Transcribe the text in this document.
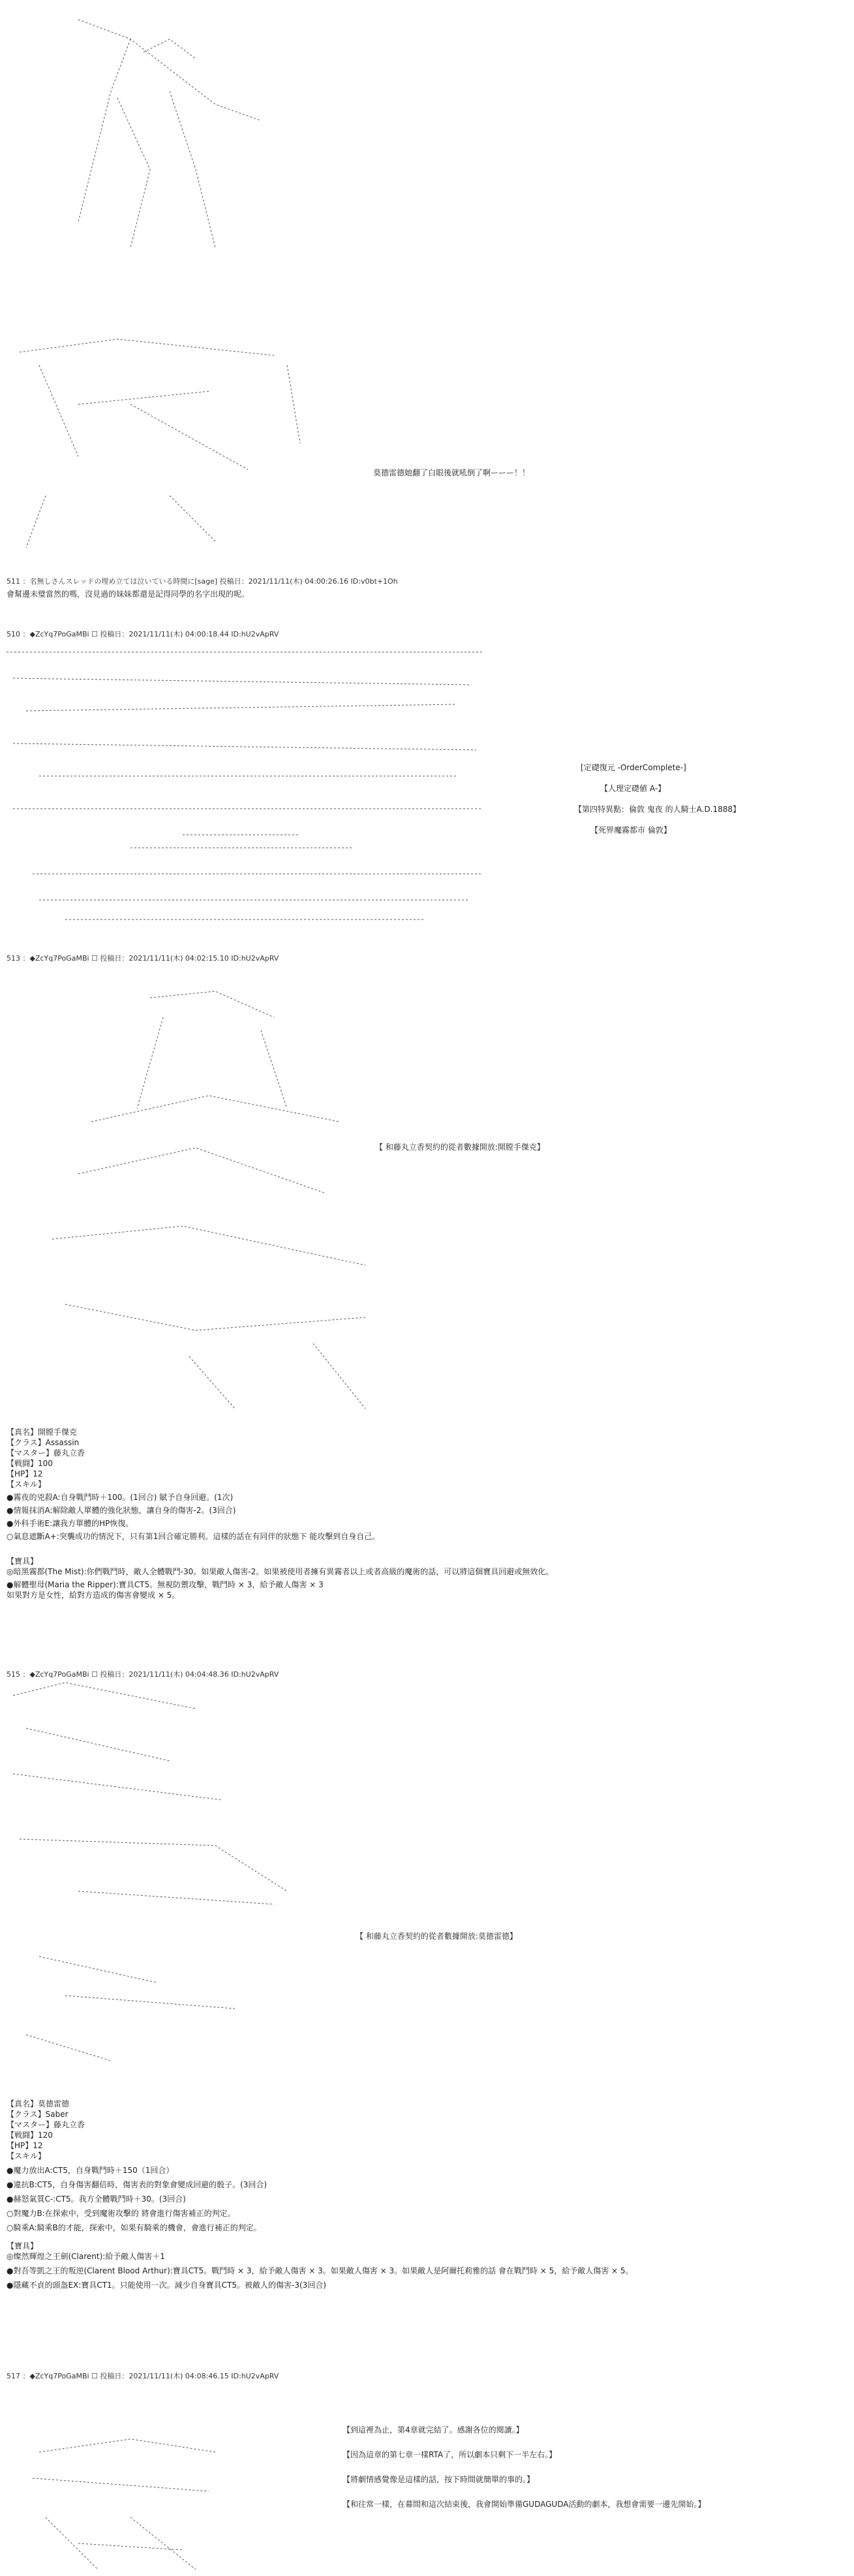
莫德雷德她翻了白眼後就吼倒了啊ーーー！！
511 ：名無しさんスレッドの埋め立ては泣いている時間に[sage] 投稿日：2021/11/11(木) 04:00:26.16 ID:v0bt+1Oh
會幫邊未璧當然的嗎，沒見過的妹妹都還是記得同學的名字出現的呢。
510 ：◆ZcYq7PoGaMBi ☐ 投稿日：2021/11/11(木) 04:00:18.44 ID:hU2vApRV
[定礎復元 -OrderComplete-]
【人理定礎値 A-】
【第四特異點：倫敦 鬼夜 的人騎士A.D.1888】
【死界魔霧都市 倫敦】
513 ：◆ZcYq7PoGaMBi ☐ 投稿日：2021/11/11(木) 04:02:15.10 ID:hU2vApRV
【 和藤丸立香契約的從者數據開放:開膛手傑克】
【真名】開膛手傑克
【クラス】Assassin
【マスター】藤丸立香
【戦闘】100
【HP】12
【スキル】
●霧夜的兇殺A:自身戰鬥時＋100。(1回合) 賦予自身回避。(1次)
●情報抹消A:解除敵人單體的強化狀態，讓自身的傷害-2。(3回合)
●外科手術E:讓我方單體的HP恢復。
○氣息遮斷A+:突襲成功的情況下，只有第1回合確定勝利。這樣的話在有同伴的狀態下 能攻擊到自身自己。
【寶具】
◎暗黑霧都(The Mist):你們戰鬥時，敵人全體戰鬥-30。如果敵人傷害-2。如果被使用者擁有異霧者以上或者高級的魔術的話，可以將這個寶具回避或無效化。
●解體聖母(Maria the Ripper):寶具CT5。無視防禦攻擊，戰鬥時 × 3，給予敵人傷害 × 3
如果對方是女性，給對方造成的傷害會變成 × 5。
515 ：◆ZcYq7PoGaMBi ☐ 投稿日：2021/11/11(木) 04:04:48.36 ID:hU2vApRV
【 和藤丸立香契約的從者數據開放:莫德雷德】
【真名】莫德雷德
【クラス】Saber
【マスター】藤丸立香
【戦闘】120
【HP】12
【スキル】
●魔力放出A:CT5，自身戰鬥時＋150（1回合）
●違抗B:CT5，自身傷害翻倍時，傷害表的對象會變成回避的骰子。(3回合)
●赫怒氣質C-:CT5。我方全體戰鬥時＋30。(3回合)
○對魔力B:在探索中，受到魔術攻擊的 將會進行傷害補正的判定。
○騎乘A:騎乘B的才能，探索中，如果有騎乘的機會，會進行補正的判定。
【寶具】
◎燦然輝煌之王劍(Clarent):給予敵人傷害＋1
●對吾等凱之王的叛逆(Clarent Blood Arthur):寶具CT5。戰鬥時 × 3，給予敵人傷害 × 3。如果敵人傷害 × 3。如果敵人是阿爾托莉雅的話 會在戰鬥時 × 5，給予敵人傷害 × 5。
●隱藏不貞的頭盔EX:寶具CT1。只能使用一次。減少自身寶具CT5。被敵人的傷害-3(3回合)
517 ：◆ZcYq7PoGaMBi ☐ 投稿日：2021/11/11(木) 04:08:46.15 ID:hU2vApRV
【到這裡為止，第4章就完結了。感謝各位的閱讀。】
【因為這章的第七章一樣RTA了，所以劇本只剩下一半左右。】
【將劇情感覺像是這樣的話，按下時間就簡單的事的。】
【和往常一樣，在幕間和這次結束後，我會開始準備GUDAGUDA活動的劇本，我想會需要一邊先開始。】
